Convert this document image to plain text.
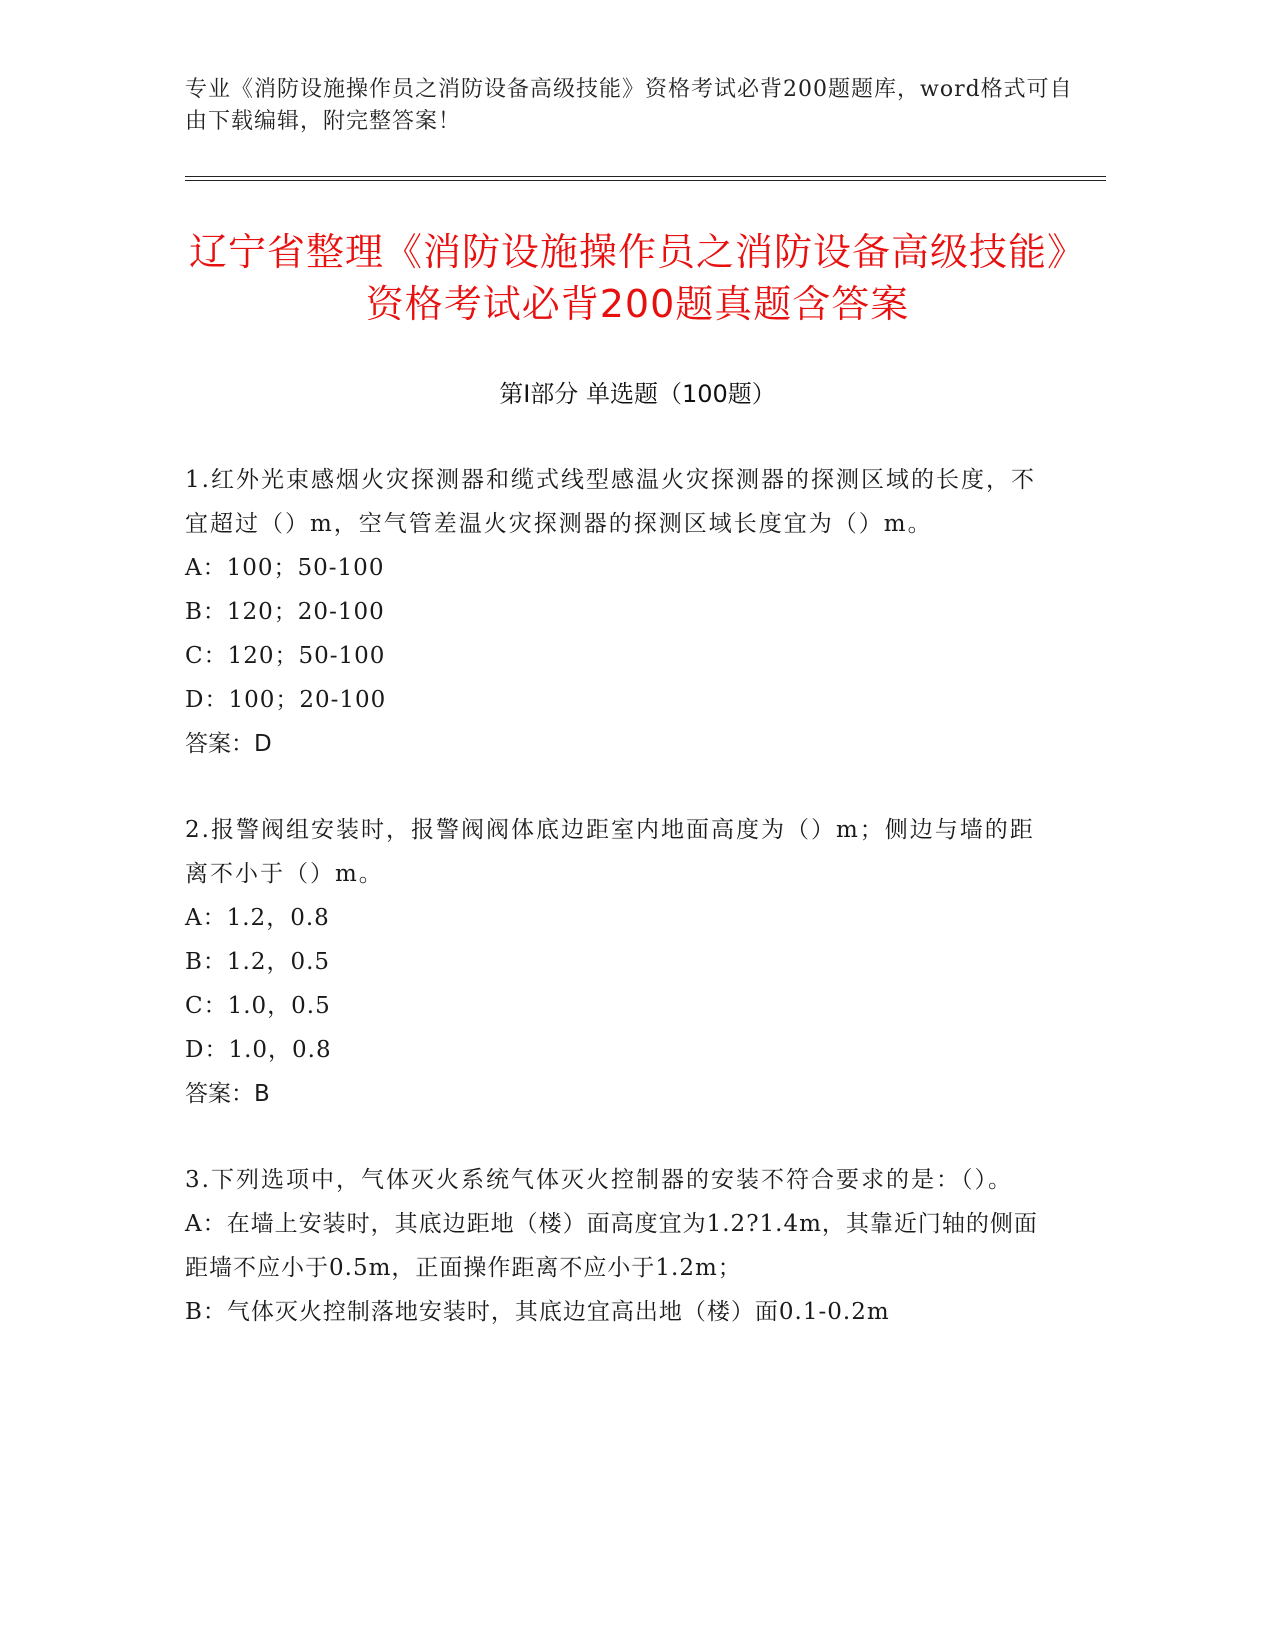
专业《消防设施操作员之消防设备高级技能》资格考试必背200题题库，word格式可自由下载编辑，附完整答案！
辽宁省整理《消防设施操作员之消防设备高级技能》资格考试必背200题真题含答案
第Ⅰ部分 单选题（100题）

1.红外光束感烟火灾探测器和缆式线型感温火灾探测器的探测区域的长度，不宜超过（）m，空气管差温火灾探测器的探测区域长度宜为（）m。

A：100；50-100

B：120；20-100

C：120；50-100

D：100；20-100

答案：D

2.报警阀组安装时，报警阀阀体底边距室内地面高度为（）m；侧边与墙的距离不小于（）m。

A：1.2，0.8

B：1.2，0.5

C：1.0，0.5

D：1.0，0.8

答案：B

3.下列选项中，气体灭火系统气体灭火控制器的安装不符合要求的是：（）。

A：在墙上安装时，其底边距地（楼）面高度宜为1.2?1.4m，其靠近门轴的侧面距墙不应小于0.5m，正面操作距离不应小于1.2m；

B：气体灭火控制落地安装时，其底边宜高出地（楼）面0.1-0.2m
